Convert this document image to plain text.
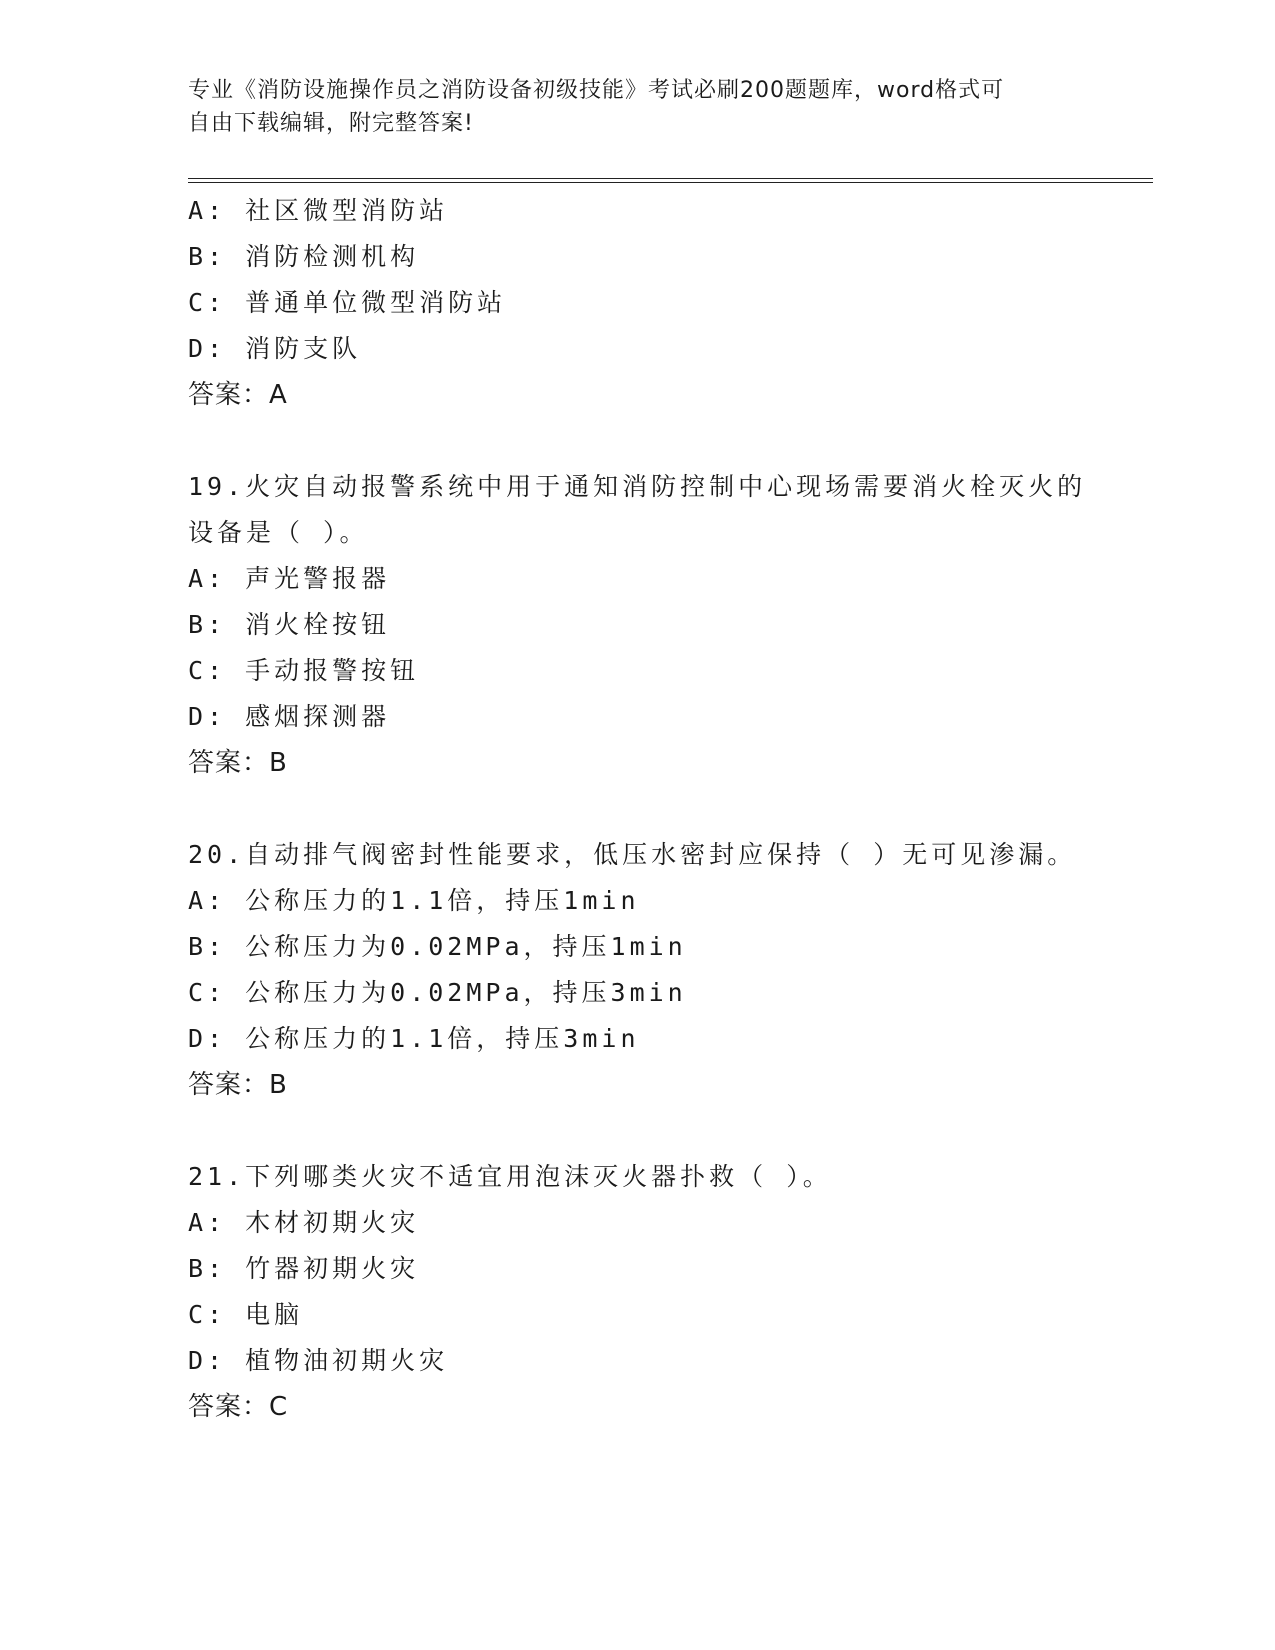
专业《消防设施操作员之消防设备初级技能》考试必刷200题题库，word格式可
自由下载编辑，附完整答案!
A: 社区微型消防站
B: 消防检测机构
C: 普通单位微型消防站
D: 消防支队
答案：A
19.火灾自动报警系统中用于通知消防控制中心现场需要消火栓灭火的
设备是（ ）。
A: 声光警报器
B: 消火栓按钮
C: 手动报警按钮
D: 感烟探测器
答案：B
20.自动排气阀密封性能要求，低压水密封应保持（ ）无可见渗漏。
A: 公称压力的1.1倍，持压1min
B: 公称压力为0.02MPa，持压1min
C: 公称压力为0.02MPa，持压3min
D: 公称压力的1.1倍，持压3min
答案：B
21.下列哪类火灾不适宜用泡沫灭火器扑救（ ）。
A: 木材初期火灾
B: 竹器初期火灾
C: 电脑
D: 植物油初期火灾
答案：C
